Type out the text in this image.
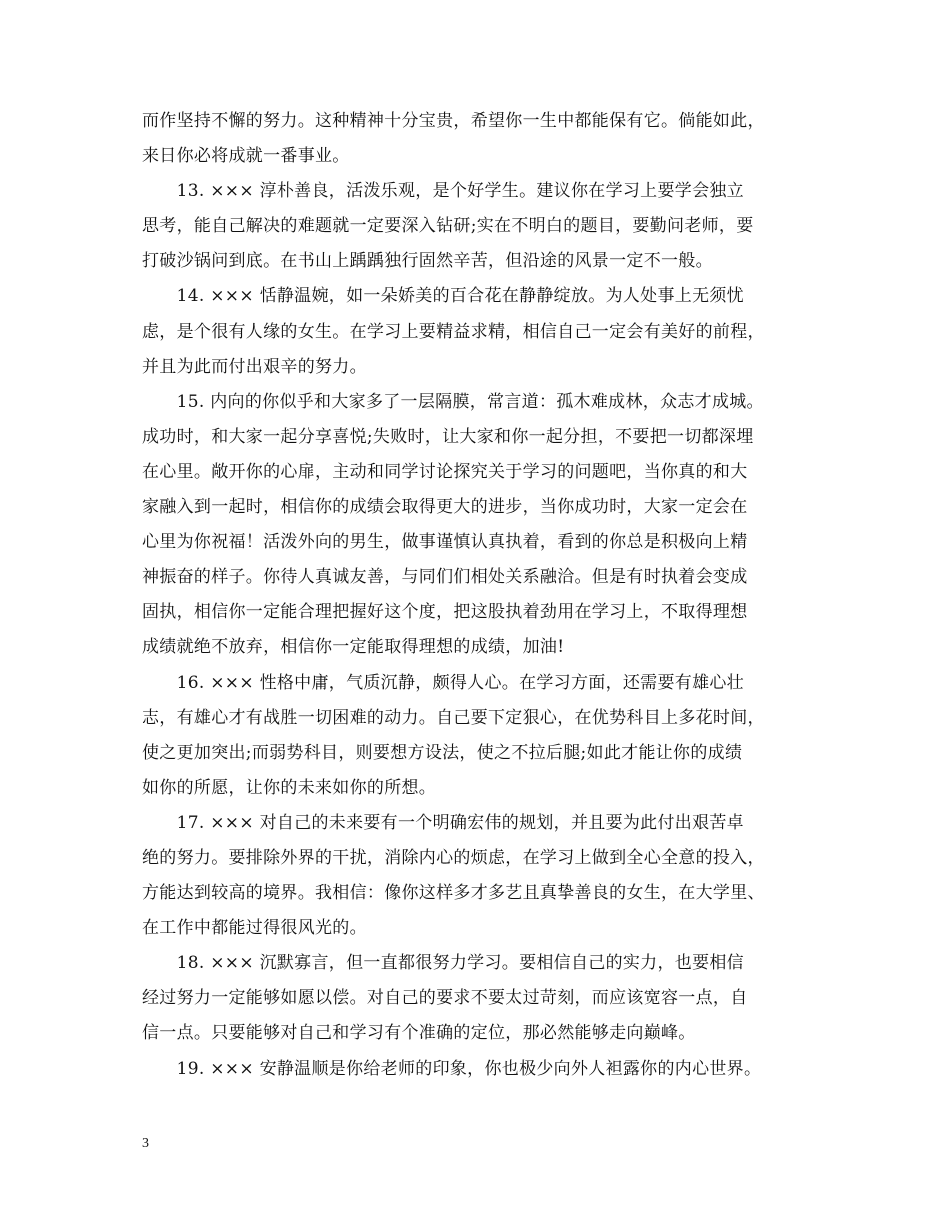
而作坚持不懈的努力。这种精神十分宝贵，希望你一生中都能保有它。倘能如此，
来日你必将成就一番事业。
　　13. ××× 淳朴善良，活泼乐观，是个好学生。建议你在学习上要学会独立
思考，能自己解决的难题就一定要深入钻研;实在不明白的题目，要勤问老师，要
打破沙锅问到底。在书山上踽踽独行固然辛苦，但沿途的风景一定不一般。
　　14. ××× 恬静温婉，如一朵娇美的百合花在静静绽放。为人处事上无须忧
虑，是个很有人缘的女生。在学习上要精益求精，相信自己一定会有美好的前程，
并且为此而付出艰辛的努力。
　　15. 内向的你似乎和大家多了一层隔膜，常言道：孤木难成林，众志才成城。
成功时，和大家一起分享喜悦;失败时，让大家和你一起分担，不要把一切都深埋
在心里。敞开你的心扉，主动和同学讨论探究关于学习的问题吧，当你真的和大
家融入到一起时，相信你的成绩会取得更大的进步，当你成功时，大家一定会在
心里为你祝福！活泼外向的男生，做事谨慎认真执着，看到的你总是积极向上精
神振奋的样子。你待人真诚友善，与同们们相处关系融洽。但是有时执着会变成
固执，相信你一定能合理把握好这个度，把这股执着劲用在学习上，不取得理想
成绩就绝不放弃，相信你一定能取得理想的成绩，加油!
　　16. ××× 性格中庸，气质沉静，颇得人心。在学习方面，还需要有雄心壮
志，有雄心才有战胜一切困难的动力。自己要下定狠心，在优势科目上多花时间，
使之更加突出;而弱势科目，则要想方设法，使之不拉后腿;如此才能让你的成绩
如你的所愿，让你的未来如你的所想。
　　17. ××× 对自己的未来要有一个明确宏伟的规划，并且要为此付出艰苦卓
绝的努力。要排除外界的干扰，消除内心的烦虑，在学习上做到全心全意的投入，
方能达到较高的境界。我相信：像你这样多才多艺且真挚善良的女生，在大学里、
在工作中都能过得很风光的。
　　18. ××× 沉默寡言，但一直都很努力学习。要相信自己的实力，也要相信
经过努力一定能够如愿以偿。对自己的要求不要太过苛刻，而应该宽容一点，自
信一点。只要能够对自己和学习有个准确的定位，那必然能够走向巅峰。
　　19. ××× 安静温顺是你给老师的印象，你也极少向外人袒露你的内心世界。
3
